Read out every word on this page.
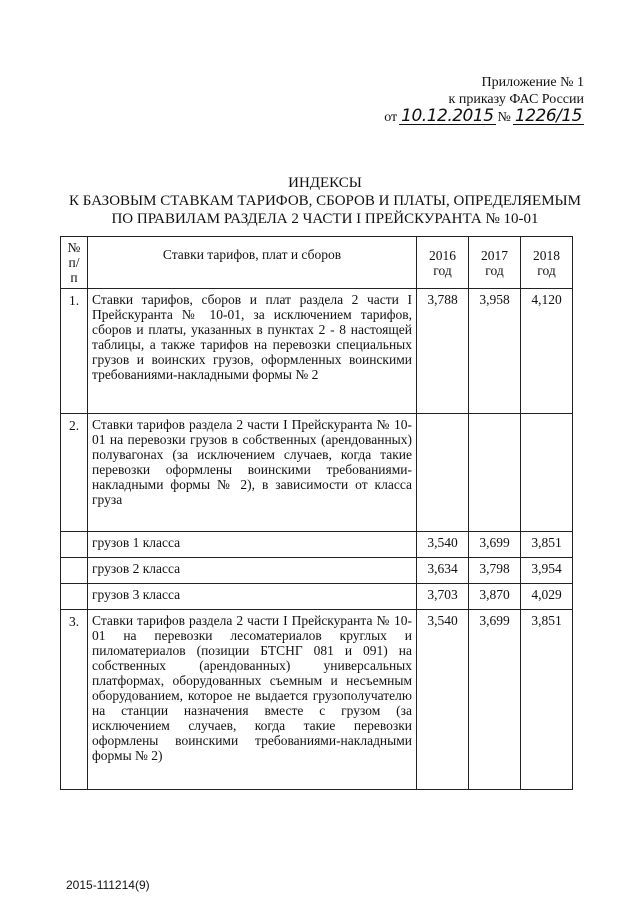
Приложение № 1
к приказу ФАС России
от 10.12.2015 № 1226/15
ИНДЕКСЫ
К БАЗОВЫМ СТАВКАМ ТАРИФОВ, СБОРОВ И ПЛАТЫ, ОПРЕДЕЛЯЕМЫМ
ПО ПРАВИЛАМ РАЗДЕЛА 2 ЧАСТИ I ПРЕЙСКУРАНТА № 10-01
№ п/п	Ставки тарифов, плат и сборов	2016 год	2017 год	2018 год
1.	Ставки тарифов, сборов и плат раздела 2 части I Прейскуранта № 10-01, за исключением тарифов, сборов и платы, указанных в пунктах 2 - 8 настоящей таблицы, а также тарифов на перевозки специальных грузов и воинских грузов, оформленных воинскими требованиями-накладными формы № 2	3,788	3,958	4,120
2.	Ставки тарифов раздела 2 части I Прейскуранта № 10-01 на перевозки грузов в собственных (арендованных) полувагонах (за исключением случаев, когда такие перевозки оформлены воинскими требованиями-накладными формы № 2), в зависимости от класса груза			
	грузов 1 класса	3,540	3,699	3,851
	грузов 2 класса	3,634	3,798	3,954
	грузов 3 класса	3,703	3,870	4,029
3.	Ставки тарифов раздела 2 части I Прейскуранта № 10-01 на перевозки лесоматериалов круглых и пиломатериалов (позиции БТСНГ 081 и 091) на собственных (арендованных) универсальных платформах, оборудованных съемным и несъемным оборудованием, которое не выдается грузополучателю на станции назначения вместе с грузом (за исключением случаев, когда такие перевозки оформлены воинскими требованиями-накладными формы № 2)	3,540	3,699	3,851
2015-111214(9)
